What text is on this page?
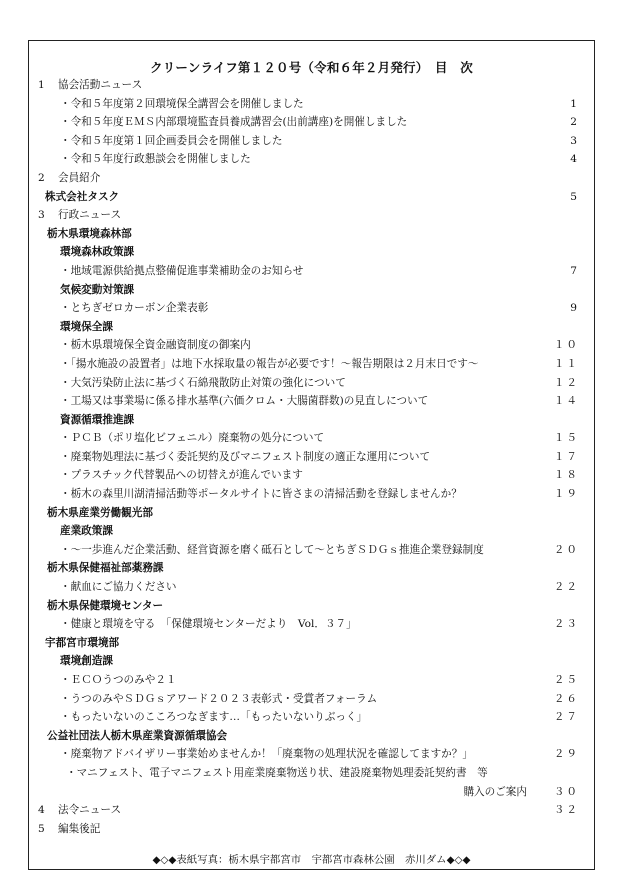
クリーンライフ第１２０号（令和６年２月発行）　目　次
1 協会活動ニュース
・令和５年度第２回環境保全講習会を開催しました	1
・令和５年度ＥＭＳ内部環境監査員養成講習会(出前講座)を開催しました	2
・令和５年度第１回企画委員会を開催しました	3
・令和５年度行政懇談会を開催しました	4
2 会員紹介
株式会社タスク	5
3 行政ニュース
栃木県環境森林部
環境森林政策課
・地域電源供給拠点整備促進事業補助金のお知らせ	7
気候変動対策課
・とちぎゼロカーボン企業表彰	9
環境保全課
・栃木県環境保全資金融資制度の御案内	１０
・「揚水施設の設置者」は地下水採取量の報告が必要です！～報告期限は２月末日です～	１１
・大気汚染防止法に基づく石綿飛散防止対策の強化について	１２
・工場又は事業場に係る排水基準(六価クロム・大腸菌群数)の見直しについて	１４
資源循環推進課
・ＰＣＢ（ポリ塩化ビフェニル）廃棄物の処分について	１５
・廃棄物処理法に基づく委託契約及びマニフェスト制度の適正な運用について	１７
・プラスチック代替製品への切替えが進んでいます	１８
・栃木の森里川湖清掃活動等ポータルサイトに皆さまの清掃活動を登録しませんか？	１９
栃木県産業労働観光部
産業政策課
・～一歩進んだ企業活動、経営資源を磨く砥石として～とちぎＳＤＧｓ推進企業登録制度	２０
栃木県保健福祉部薬務課
・献血にご協力ください	２２
栃木県保健環境センター
・健康と環境を守る　「保健環境センターだより　Vol．３７」	２３
宇都宮市環境部
環境創造課
・ＥＣＯうつのみや２１	２５
・うつのみやＳＤＧｓアワード２０２３表彰式・受賞者フォーラム	２６
・もったいないのこころつなぎます…「もったいないりぶっく」	２７
公益社団法人栃木県産業資源循環協会
・廃棄物アドバイザリー事業始めませんか！「廃棄物の処理状況を確認してますか？」	２９
・マニフェスト、電子マニフェスト用産業廃棄物送り状、建設廃棄物処理委託契約書　等
購入のご案内	３０
4 法令ニュース	３２
5 編集後記
◆◇◆表紙写真：栃木県宇都宮市　宇都宮市森林公園　赤川ダム◆◇◆
